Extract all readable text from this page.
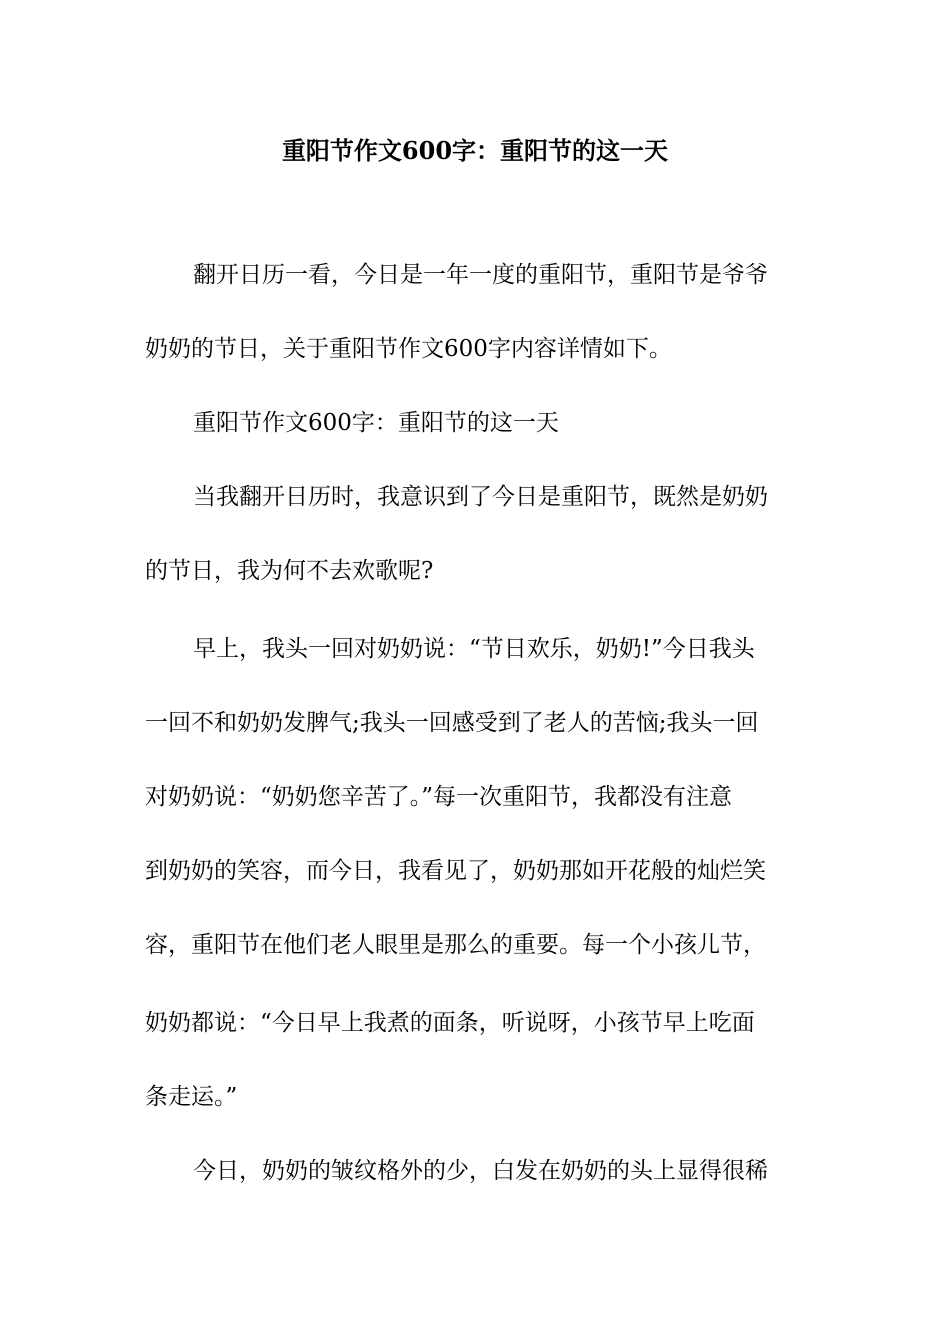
重阳节作文600字：重阳节的这一天
翻开日历一看，今日是一年一度的重阳节，重阳节是爷爷
奶奶的节日，关于重阳节作文600字内容详情如下。
重阳节作文600字：重阳节的这一天
当我翻开日历时，我意识到了今日是重阳节，既然是奶奶
的节日，我为何不去欢歌呢?
早上，我头一回对奶奶说：“节日欢乐，奶奶!”今日我头
一回不和奶奶发脾气;我头一回感受到了老人的苦恼;我头一回
对奶奶说：“奶奶您辛苦了。”每一次重阳节，我都没有注意
到奶奶的笑容，而今日，我看见了，奶奶那如开花般的灿烂笑
容，重阳节在他们老人眼里是那么的重要。每一个小孩儿节，
奶奶都说：“今日早上我煮的面条，听说呀，小孩节早上吃面
条走运。”
今日，奶奶的皱纹格外的少，白发在奶奶的头上显得很稀
